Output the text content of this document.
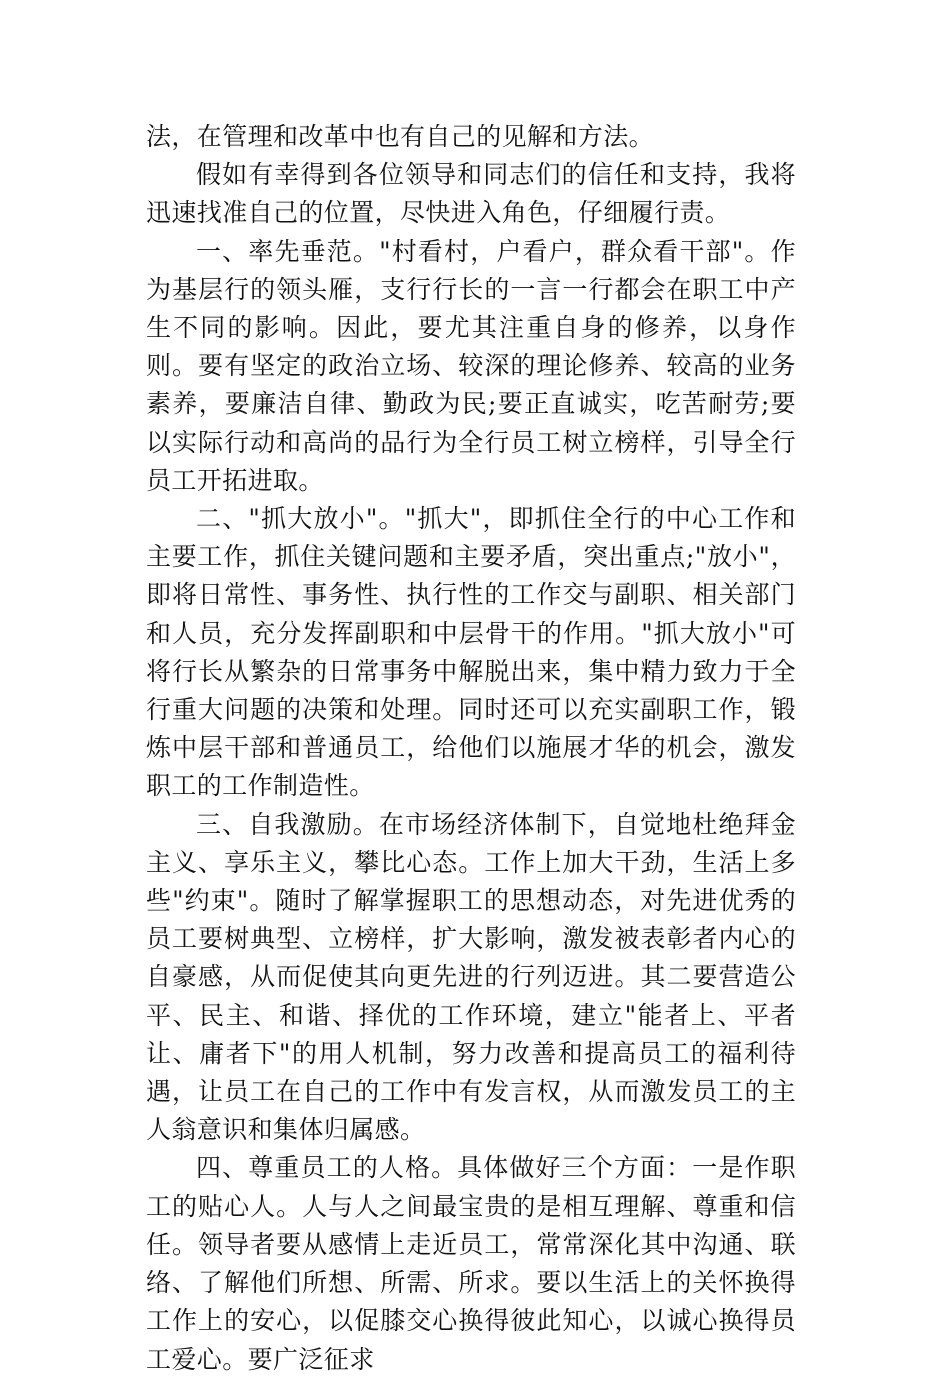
法，在管理和改革中也有自己的见解和方法。

假如有幸得到各位领导和同志们的信任和支持，我将迅速找准自己的位置，尽快进入角色，仔细履行责。

一、率先垂范。"村看村，户看户，群众看干部"。作为基层行的领头雁，支行行长的一言一行都会在职工中产生不同的影响。因此，要尤其注重自身的修养，以身作则。要有坚定的政治立场、较深的理论修养、较高的业务素养，要廉洁自律、勤政为民;要正直诚实，吃苦耐劳;要以实际行动和高尚的品行为全行员工树立榜样，引导全行员工开拓进取。

二、"抓大放小"。"抓大"，即抓住全行的中心工作和主要工作，抓住关键问题和主要矛盾，突出重点;"放小"，即将日常性、事务性、执行性的工作交与副职、相关部门和人员，充分发挥副职和中层骨干的作用。"抓大放小"可将行长从繁杂的日常事务中解脱出来，集中精力致力于全行重大问题的决策和处理。同时还可以充实副职工作，锻炼中层干部和普通员工，给他们以施展才华的机会，激发职工的工作制造性。

三、自我激励。在市场经济体制下，自觉地杜绝拜金主义、享乐主义，攀比心态。工作上加大干劲，生活上多些"约束"。随时了解掌握职工的思想动态，对先进优秀的员工要树典型、立榜样，扩大影响，激发被表彰者内心的自豪感，从而促使其向更先进的行列迈进。其二要营造公平、民主、和谐、择优的工作环境，建立"能者上、平者让、庸者下"的用人机制，努力改善和提高员工的福利待遇，让员工在自己的工作中有发言权，从而激发员工的主人翁意识和集体归属感。

四、尊重员工的人格。具体做好三个方面：一是作职工的贴心人。人与人之间最宝贵的是相互理解、尊重和信任。领导者要从感情上走近员工，常常深化其中沟通、联络、了解他们所想、所需、所求。要以生活上的关怀换得工作上的安心，以促膝交心换得彼此知心，以诚心换得员工爱心。要广泛征求
